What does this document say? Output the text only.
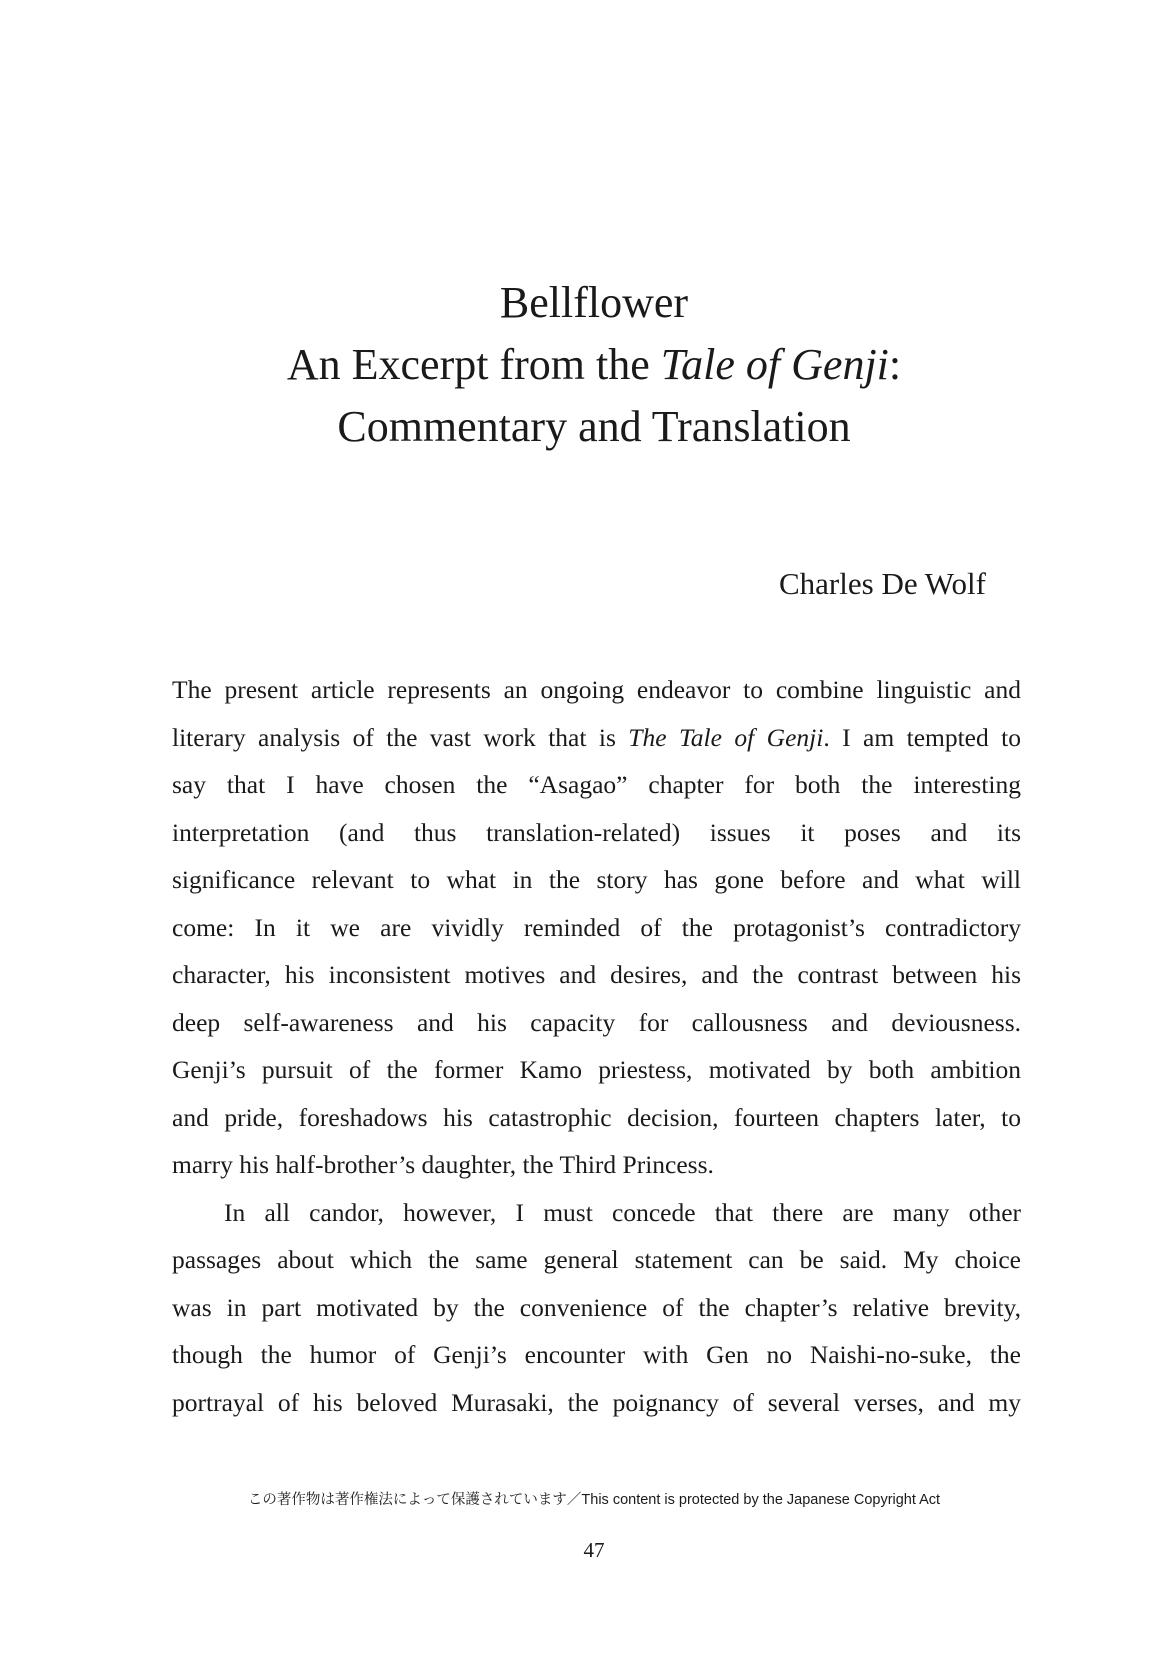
Bellflower
An Excerpt from the Tale of Genji:
Commentary and Translation
Charles De Wolf
The present article represents an ongoing endeavor to combine linguistic and
literary analysis of the vast work that is The Tale of Genji. I am tempted to
say that I have chosen the “Asagao” chapter for both the interesting
interpretation (and thus translation-related) issues it poses and its
significance relevant to what in the story has gone before and what will
come: In it we are vividly reminded of the protagonist’s contradictory
character, his inconsistent motives and desires, and the contrast between his
deep self-awareness and his capacity for callousness and deviousness.
Genji’s pursuit of the former Kamo priestess, motivated by both ambition
and pride, foreshadows his catastrophic decision, fourteen chapters later, to
marry his half-brother’s daughter, the Third Princess.
In all candor, however, I must concede that there are many other
passages about which the same general statement can be said. My choice
was in part motivated by the convenience of the chapter’s relative brevity,
though the humor of Genji’s encounter with Gen no Naishi-no-suke, the
portrayal of his beloved Murasaki, the poignancy of several verses, and my
この著作物は著作権法によって保護されています／This content is protected by the Japanese Copyright Act
47
